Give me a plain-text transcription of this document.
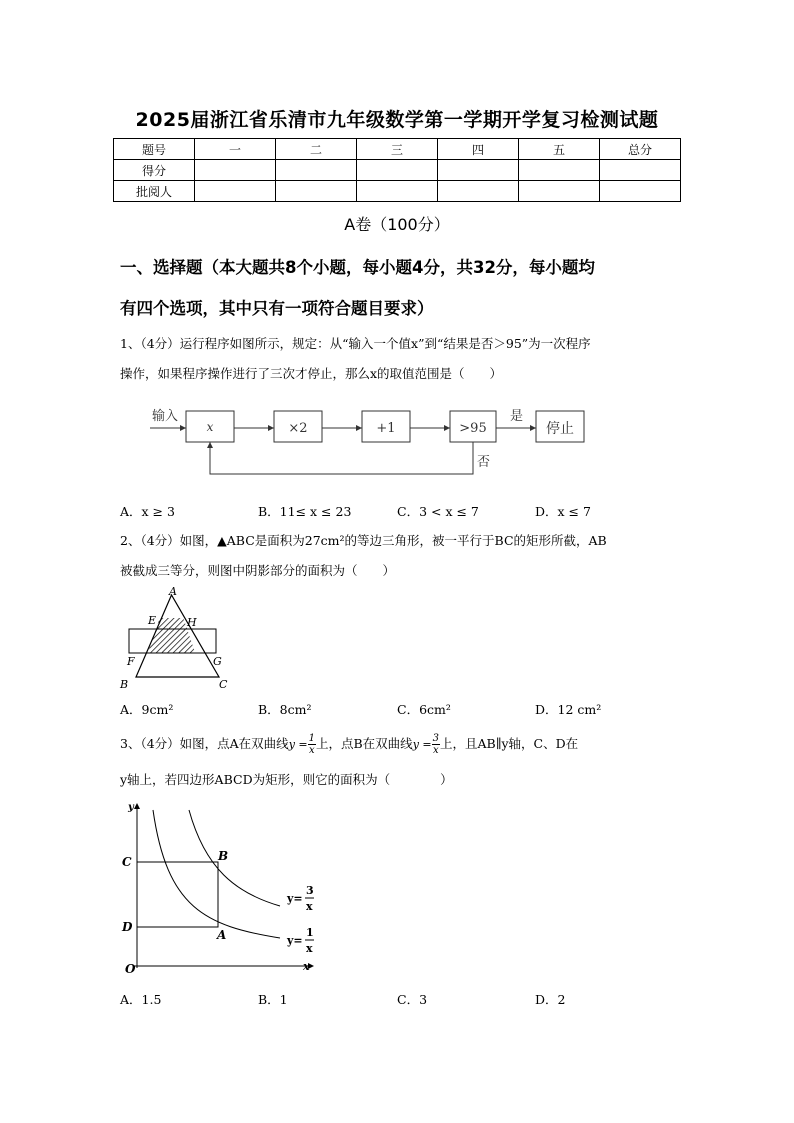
2025届浙江省乐清市九年级数学第一学期开学复习检测试题
题号	一	二	三	四	五	总分
得分						
批阅人						
A卷（100分）
一、选择题（本大题共8个小题，每小题4分，共32分，每小题均
有四个选项，其中只有一项符合题目要求）
1、（4分）运行程序如图所示，规定：从“输入一个值x”到“结果是否＞95”为一次程序
操作，如果程序操作进行了三次才停止，那么x的取值范围是（　　）
输入
x	×2	+1	>95	停止
是
否
A．x ≥ 3	B．11≤ x ≤ 23	C．3 < x ≤ 7	D．x ≤ 7
2、（4分）如图，▲ABC是面积为27cm²的等边三角形，被一平行于BC的矩形所截，AB
被截成三等分，则图中阴影部分的面积为（　　）
A
B	C
E	H
F	G
A．9cm²	B．8cm²	C．6cm²	D．12 cm²
3、（4分）如图，点A在双曲线$y = \frac{1}{x}$ 上，点B在双曲线$y = \frac{3}{x}$ 上，且AB∥y轴，C、D在
y轴上，若四边形ABCD为矩形，则它的面积为（　　　　）
y
x
O
C
D
B
A
y=
3
x
y=
1
x
A．1.5	B．1	C．3	D．2
